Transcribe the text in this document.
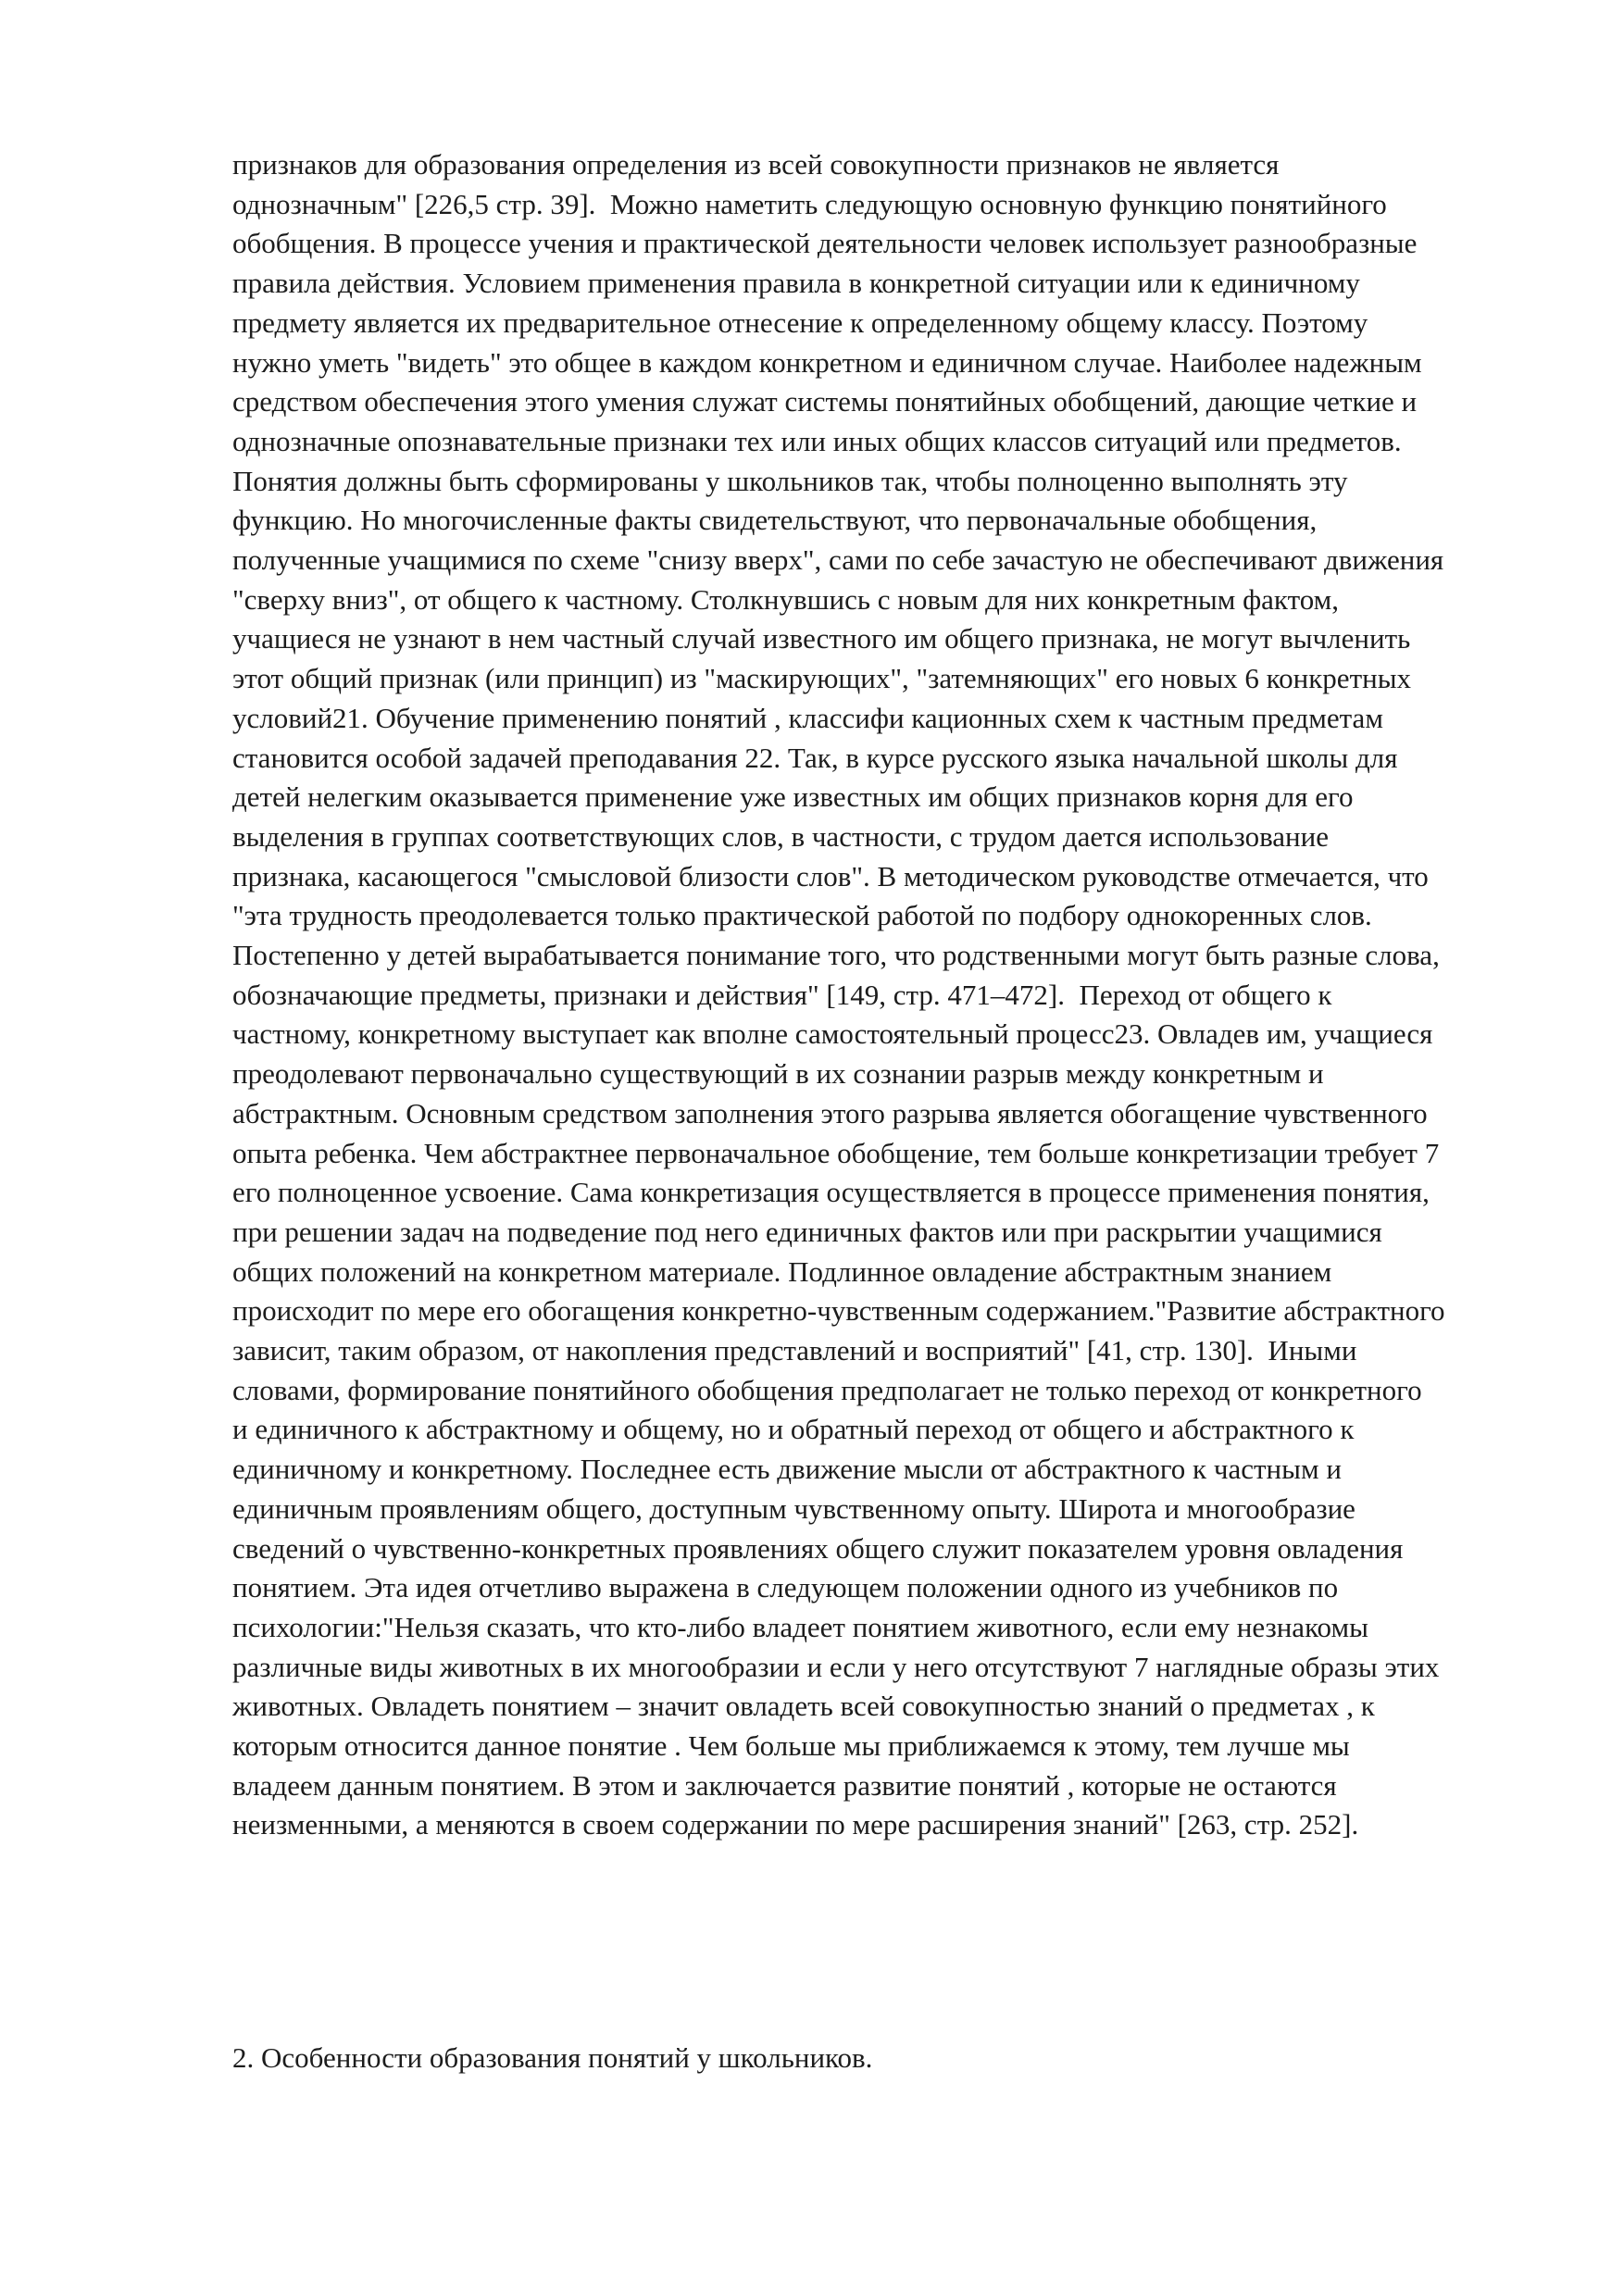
признаков для образования определения из всей совокупности признаков не является

однозначным" [226,5 стр. 39].  Можно наметить следующую основную функцию понятийного

обобщения. В процессе учения и практической деятельности человек использует разнообразные

правила действия. Условием применения правила в конкретной ситуации или к единичному

предмету является их предварительное отнесение к определенному общему классу. Поэтому

нужно уметь "видеть" это общее в каждом конкретном и единичном случае. Наиболее надежным

средством обеспечения этого умения служат системы понятийных обобщений, дающие четкие и

однозначные опознавательные признаки тех или иных общих классов ситуаций или предметов.

Понятия должны быть сформированы у школьников так, чтобы полноценно выполнять эту

функцию. Но многочисленные факты свидетельствуют, что первоначальные обобщения,

полученные учащимися по схеме "снизу вверх", сами по себе зачастую не обеспечивают движения

"сверху вниз", от общего к частному. Столкнувшись с новым для них конкретным фактом,

учащиеся не узнают в нем частный случай известного им общего признака, не могут вычленить

этот общий признак (или принцип) из "маскирующих", "затемняющих" его новых 6 конкретных

условий21. Обучение применению понятий , классифи кационных схем к частным предметам

становится особой задачей преподавания 22. Так, в курсе русского языка начальной школы для

детей нелегким оказывается применение уже известных им общих признаков корня для его

выделения в группах соответствующих слов, в частности, с трудом дается использование

признака, касающегося "смысловой близости слов". В методическом руководстве отмечается, что

"эта трудность преодолевается только практической работой по подбору однокоренных слов.

Постепенно у детей вырабатывается понимание того, что родственными могут быть разные слова,

обозначающие предметы, признаки и действия" [149, стр. 471–472].  Переход от общего к

частному, конкретному выступает как вполне самостоятельный процесс23. Овладев им, учащиеся

преодолевают первоначально существующий в их сознании разрыв между конкретным и

абстрактным. Основным средством заполнения этого разрыва является обогащение чувственного

опыта ребенка. Чем абстрактнее первоначальное обобщение, тем больше конкретизации требует 7

его полноценное усвоение. Сама конкретизация осуществляется в процессе применения понятия,

при решении задач на подведение под него единичных фактов или при раскрытии учащимися

общих положений на конкретном материале. Подлинное овладение абстрактным знанием

происходит по мере его обогащения конкретно-чувственным содержанием."Развитие абстрактного

зависит, таким образом, от накопления представлений и восприятий" [41, стр. 130].  Иными

словами, формирование понятийного обобщения предполагает не только переход от конкретного

и единичного к абстрактному и общему, но и обратный переход от общего и абстрактного к

единичному и конкретному. Последнее есть движение мысли от абстрактного к частным и

единичным проявлениям общего, доступным чувственному опыту. Широта и многообразие

сведений о чувственно-конкретных проявлениях общего служит показателем уровня овладения

понятием. Эта идея отчетливо выражена в следующем положении одного из учебников по

психологии:"Нельзя сказать, что кто-либо владеет понятием животного, если ему незнакомы

различные виды животных в их многообразии и если у него отсутствуют 7 наглядные образы этих

животных. Овладеть понятием – значит овладеть всей совокупностью знаний о предметах , к

которым относится данное понятие . Чем больше мы приближаемся к этому, тем лучше мы

владеем данным понятием. В этом и заключается развитие понятий , которые не остаются

неизменными, а меняются в своем содержании по мере расширения знаний" [263, стр. 252].

2. Особенности образования понятий у школьников.
